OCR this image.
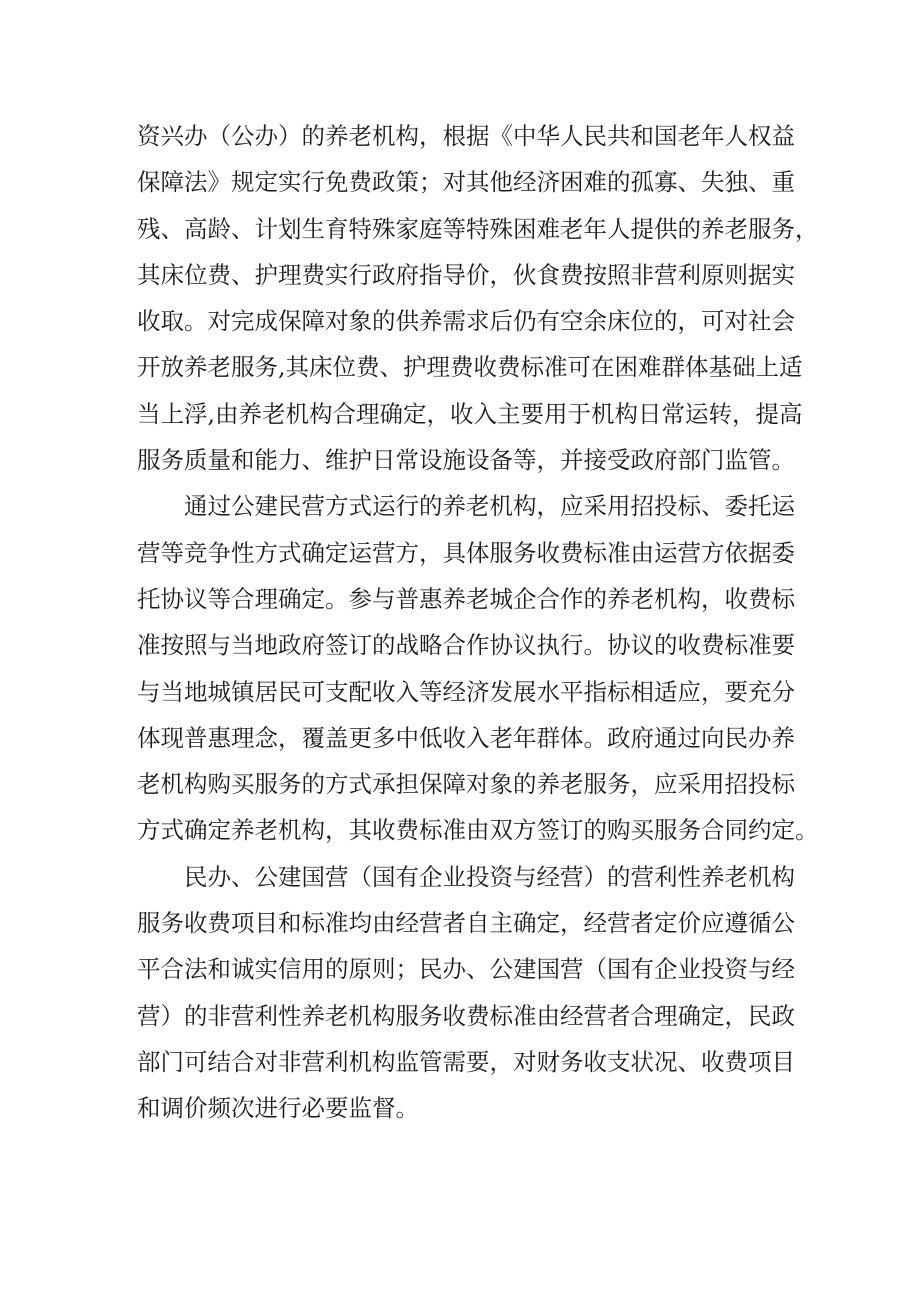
资兴办（公办）的养老机构，根据《中华人民共和国老年人权益
保障法》规定实行免费政策；对其他经济困难的孤寡、失独、重
残、高龄、计划生育特殊家庭等特殊困难老年人提供的养老服务，
其床位费、护理费实行政府指导价，伙食费按照非营利原则据实
收取。对完成保障对象的供养需求后仍有空余床位的，可对社会
开放养老服务,其床位费、护理费收费标准可在困难群体基础上适
当上浮,由养老机构合理确定，收入主要用于机构日常运转，提高
服务质量和能力、维护日常设施设备等，并接受政府部门监管。
通过公建民营方式运行的养老机构，应采用招投标、委托运
营等竞争性方式确定运营方，具体服务收费标准由运营方依据委
托协议等合理确定。参与普惠养老城企合作的养老机构，收费标
准按照与当地政府签订的战略合作协议执行。协议的收费标准要
与当地城镇居民可支配收入等经济发展水平指标相适应，要充分
体现普惠理念，覆盖更多中低收入老年群体。政府通过向民办养
老机构购买服务的方式承担保障对象的养老服务，应采用招投标
方式确定养老机构，其收费标准由双方签订的购买服务合同约定。
民办、公建国营（国有企业投资与经营）的营利性养老机构
服务收费项目和标准均由经营者自主确定，经营者定价应遵循公
平合法和诚实信用的原则；民办、公建国营（国有企业投资与经
营）的非营利性养老机构服务收费标准由经营者合理确定，民政
部门可结合对非营利机构监管需要，对财务收支状况、收费项目
和调价频次进行必要监督。
